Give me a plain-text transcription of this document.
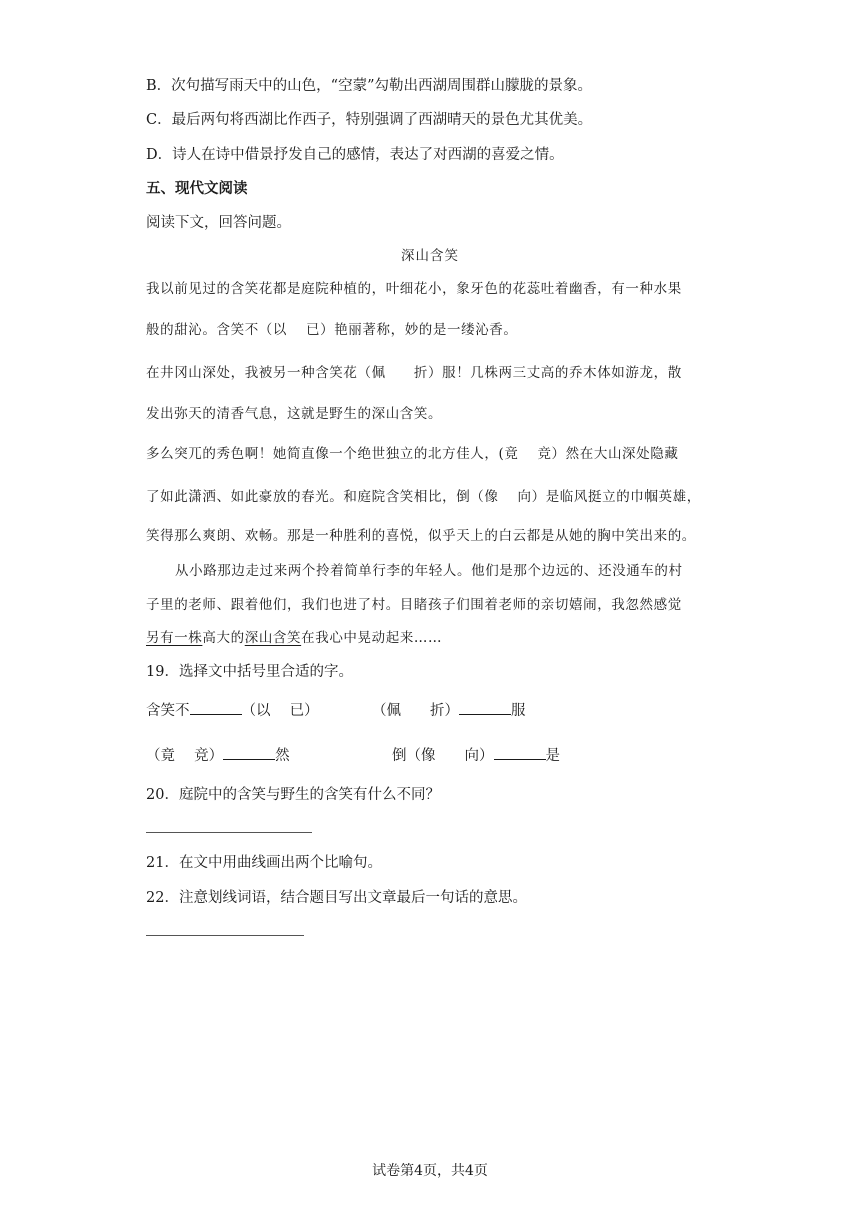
B．次句描写雨天中的山色，“空蒙”勾勒出西湖周围群山朦胧的景象。
C．最后两句将西湖比作西子，特别强调了西湖晴天的景色尤其优美。
D．诗人在诗中借景抒发自己的感情，表达了对西湖的喜爱之情。
五、现代文阅读
阅读下文，回答问题。
深山含笑
我以前见过的含笑花都是庭院种植的，叶细花小，象牙色的花蕊吐着幽香，有一种水果
般的甜沁。含笑不（以　 已）艳丽著称，妙的是一缕沁香。
在井冈山深处，我被另一种含笑花（佩　　折）服！几株两三丈高的乔木体如游龙，散
发出弥天的清香气息，这就是野生的深山含笑。
多么突兀的秀色啊！她简直像一个绝世独立的北方佳人，(竟　 竞）然在大山深处隐藏
了如此潇洒、如此豪放的春光。和庭院含笑相比，倒（像　 向）是临风挺立的巾帼英雄，
笑得那么爽朗、欢畅。那是一种胜利的喜悦，似乎天上的白云都是从她的胸中笑出来的。
从小路那边走过来两个拎着简单行李的年轻人。他们是那个边远的、还没通车的村
子里的老师、跟着他们，我们也进了村。目睹孩子们围着老师的亲切嬉闹，我忽然感觉
另有一株高大的深山含笑在我心中晃动起来……
19．选择文中括号里合适的字。
含笑不	（以　 已）	（佩　　折）	服
（竟　 竞）	然	倒（像　　向）	是
20．庭院中的含笑与野生的含笑有什么不同？
21．在文中用曲线画出两个比喻句。
22．注意划线词语，结合题目写出文章最后一句话的意思。
试卷第4页，共4页
